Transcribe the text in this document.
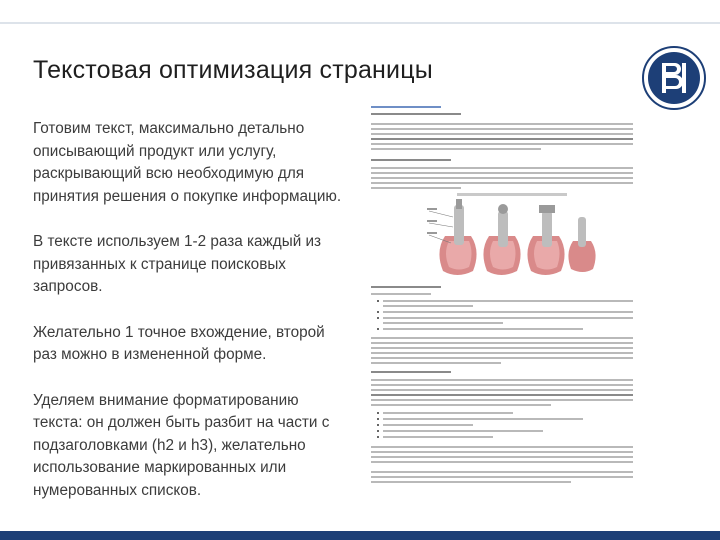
Текстовая оптимизация страницы

Готовим текст, максимально детально описывающий продукт или услугу, раскрывающий всю необходимую для принятия решения о покупке информацию.

В тексте используем 1-2 раза каждый из привязанных к странице поисковых запросов.

Желательно 1 точное вхождение, второй раз можно в измененной форме.

Уделяем внимание форматированию текста: он должен быть разбит на части с подзаголовками (h2 и h3), желательно использование маркированных или нумерованных списков.
